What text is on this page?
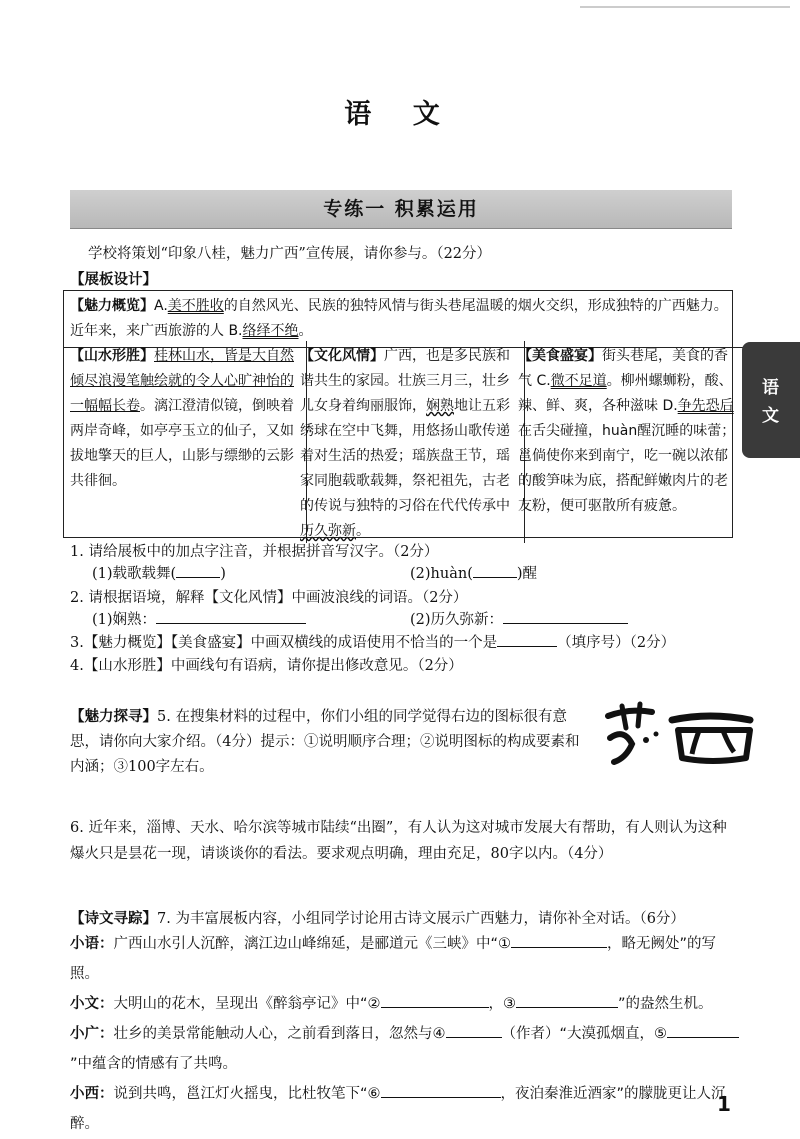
语 文
专练一 积累运用
学校将策划“印象八桂，魅力广西”宣传展，请你参与。（22分）
【展板设计】

【魅力概览】A.美不胜收的自然风光、民族的独特风情与街头巷尾温暖的烟火交织，形成独特的广西魅力。近年来，来广西旅游的人 B.络绎不绝。

【山水形胜】桂林山水，皆是大自然倾尽浪漫笔触绘就的令人心旷神怡的一幅幅长卷。漓江澄清似镜，倒映着两岸奇峰，如亭亭玉立的仙子，又如拔地擎天的巨人，山影与缥缈的云影共徘徊。

【文化风情】广西，也是多民族和谐共生的家园。壮族三月三，壮乡儿女身着绚丽服饰，娴熟地让五彩绣球在空中飞舞，用悠扬山歌传递着对生活的热爱；瑶族盘王节，瑶家同胞载歌载舞，祭祀祖先，古老的传说与独特的习俗在代代传承中历久弥新。

【美食盛宴】街头巷尾，美食的香气 C.微不足道。柳州螺蛳粉，酸、辣、鲜、爽，各种滋味 D.争先恐后在舌尖碰撞，huàn醒沉睡的味蕾；邕倘使你来到南宁，吃一碗以浓郁的酸笋味为底，搭配鲜嫩肉片的老友粉，便可驱散所有疲惫。

1. 请给展板中的加点字注音，并根据拼音写汉字。（2分）
(1)载歌载舞(	)	(2)huàn(	)醒
2. 请根据语境，解释【文化风情】中画波浪线的词语。（2分）
(1)娴熟：	(2)历久弥新：
3.【魅力概览】【美食盛宴】中画双横线的成语使用不恰当的一个是	（填序号）（2分）
4.【山水形胜】中画线句有语病，请你提出修改意见。（2分）
【魅力探寻】5. 在搜集材料的过程中，你们小组的同学觉得右边的图标很有意思，请你向大家介绍。（4分）提示：①说明顺序合理；②说明图标的构成要素和内涵；③100字左右。
6. 近年来，淄博、天水、哈尔滨等城市陆续“出圈”，有人认为这对城市发展大有帮助，有人则认为这种爆火只是昙花一现，请谈谈你的看法。要求观点明确，理由充足，80字以内。（4分）
【诗文寻踪】7. 为丰富展板内容，小组同学讨论用古诗文展示广西魅力，请你补全对话。（6分）
小语：广西山水引人沉醉，漓江边山峰绵延，是郦道元《三峡》中“①	，略无阙处”的写照。
小文：大明山的花木，呈现出《醉翁亭记》中“②	，③	”的盎然生机。
小广：壮乡的美景常能触动人心，之前看到落日，忽然与④	（作者）“大漠孤烟直，⑤”中蕴含的情感有了共鸣。
小西：说到共鸣，邕江灯火摇曳，比杜牧笔下“⑥	，夜泊秦淮近酒家”的朦胧更让人沉醉。
语文
1
